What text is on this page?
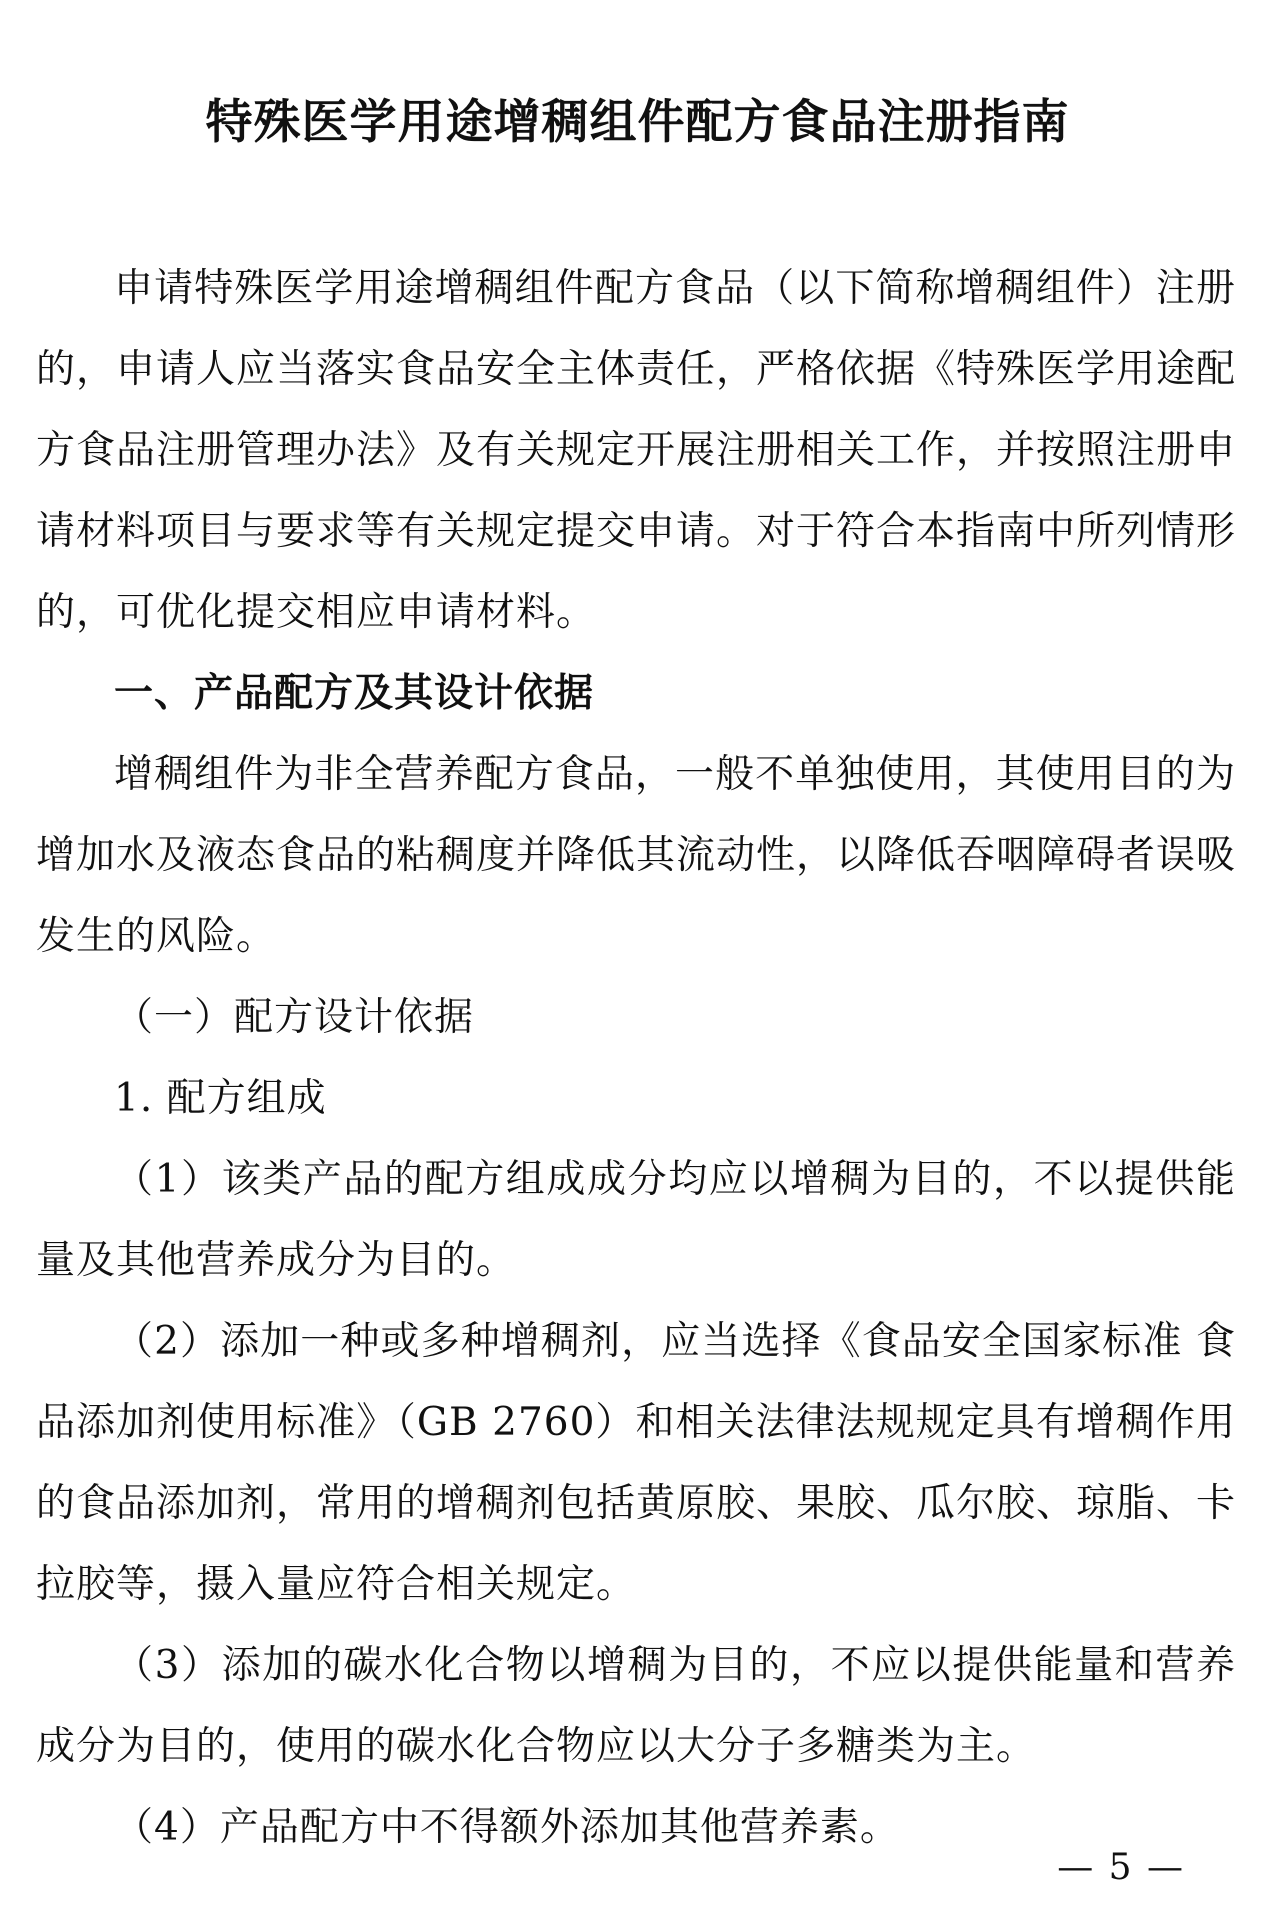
特殊医学用途增稠组件配方食品注册指南

申请特殊医学用途增稠组件配方食品（以下简称增稠组件）注册的，申请人应当落实食品安全主体责任，严格依据《特殊医学用途配方食品注册管理办法》及有关规定开展注册相关工作，并按照注册申请材料项目与要求等有关规定提交申请。对于符合本指南中所列情形的，可优化提交相应申请材料。

一、产品配方及其设计依据

增稠组件为非全营养配方食品，一般不单独使用，其使用目的为增加水及液态食品的粘稠度并降低其流动性，以降低吞咽障碍者误吸发生的风险。

（一）配方设计依据

1. 配方组成

（1）该类产品的配方组成成分均应以增稠为目的，不以提供能量及其他营养成分为目的。

（2）添加一种或多种增稠剂，应当选择《食品安全国家标准 食品添加剂使用标准》（GB 2760）和相关法律法规规定具有增稠作用的食品添加剂，常用的增稠剂包括黄原胶、果胶、瓜尔胶、琼脂、卡拉胶等，摄入量应符合相关规定。

（3）添加的碳水化合物以增稠为目的，不应以提供能量和营养成分为目的，使用的碳水化合物应以大分子多糖类为主。

（4）产品配方中不得额外添加其他营养素。

— 5 —
